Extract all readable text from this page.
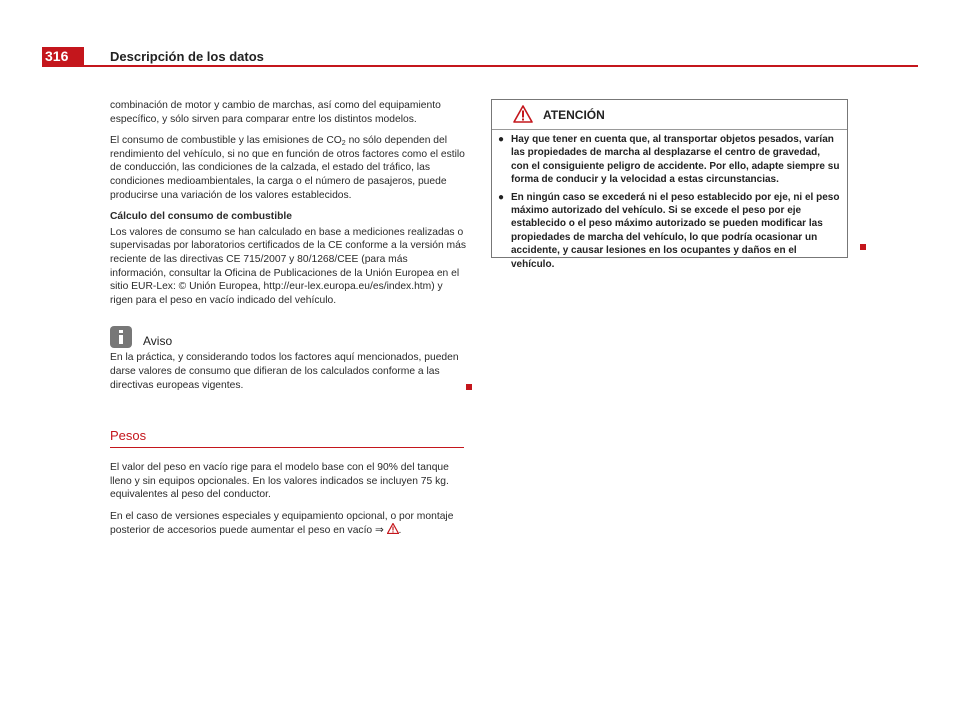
316	Descripción de los datos

combinación de motor y cambio de marchas, así como del equipamiento específico, y sólo sirven para comparar entre los distintos modelos.

El consumo de combustible y las emisiones de $CO_2$ no sólo dependen del rendimiento del vehículo, si no que en función de otros factores como el estilo de conducción, las condiciones de la calzada, el estado del tráfico, las condiciones medioambientales, la carga o el número de pasajeros, puede producirse una variación de los valores establecidos.

Cálculo del consumo de combustible

Los valores de consumo se han calculado en base a mediciones realizadas o supervisadas por laboratorios certificados de la CE conforme a la versión más reciente de las directivas CE 715/2007 y 80/1268/CEE (para más información, consultar la Oficina de Publicaciones de la Unión Europea en el sitio EUR-Lex: © Unión Europea, http://eur-lex.europa.eu/es/index.htm) y rigen para el peso en vacío indicado del vehículo.

Aviso

En la práctica, y considerando todos los factores aquí mencionados, pueden darse valores de consumo que difieran de los calculados conforme a las directivas europeas vigentes.

Pesos

El valor del peso en vacío rige para el modelo base con el 90% del tanque lleno y sin equipos opcionales. En los valores indicados se incluyen 75 kg. equivalentes al peso del conductor.

En el caso de versiones especiales y equipamiento opcional, o por montaje posterior de accesorios puede aumentar el peso en vacío ⇒ .

ATENCIÓN
● Hay que tener en cuenta que, al transportar objetos pesados, varían las propiedades de marcha al desplazarse el centro de gravedad, con el consiguiente peligro de accidente. Por ello, adapte siempre su forma de conducir y la velocidad a estas circunstancias.
● En ningún caso se excederá ni el peso establecido por eje, ni el peso máximo autorizado del vehículo. Si se excede el peso por eje establecido o el peso máximo autorizado se pueden modificar las propiedades de marcha del vehículo, lo que podría ocasionar un accidente, y causar lesiones en los ocupantes y daños en el vehículo.
